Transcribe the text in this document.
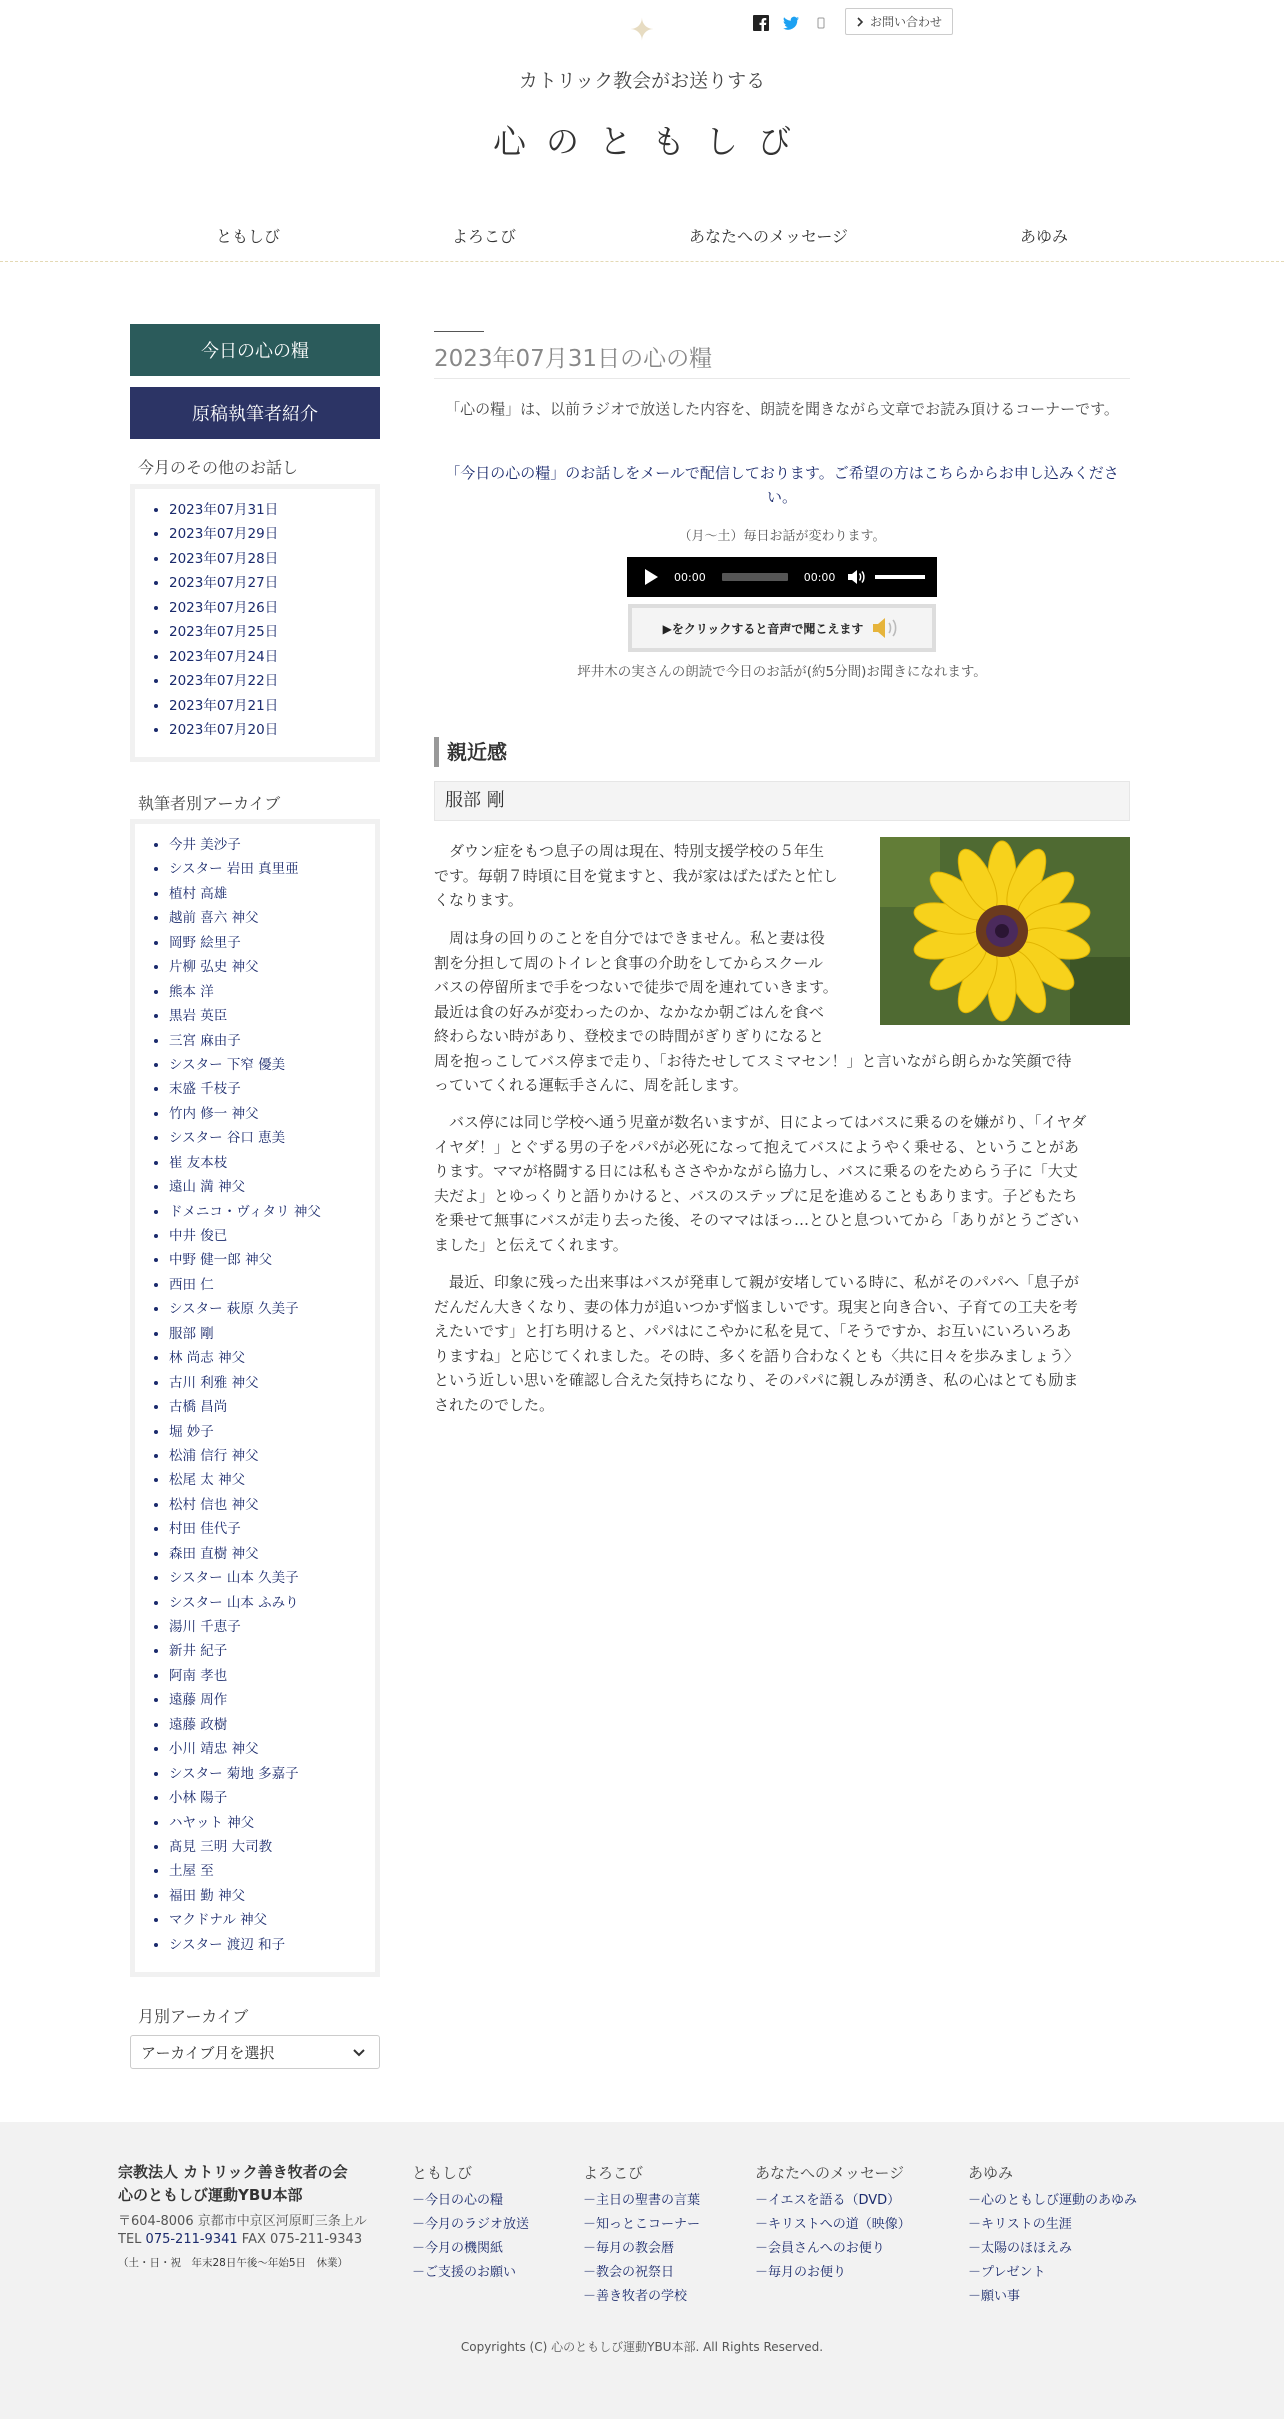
✦	お問い合わせ
カトリック教会がお送りする
心のともしび
ともしび	よろこび	あなたへのメッセージ	あゆみ
今日の心の糧
原稿執筆者紹介
今月のその他のお話し
• 2023年07月31日
• 2023年07月29日
• 2023年07月28日
• 2023年07月27日
• 2023年07月26日
• 2023年07月25日
• 2023年07月24日
• 2023年07月22日
• 2023年07月21日
• 2023年07月20日
執筆者別アーカイブ
• 今井 美沙子
• シスター 岩田 真里亜
• 植村 高雄
• 越前 喜六 神父
• 岡野 絵里子
• 片柳 弘史 神父
• 熊本 洋
• 黒岩 英臣
• 三宮 麻由子
• シスター 下窄 優美
• 末盛 千枝子
• 竹内 修一 神父
• シスター 谷口 恵美
• 崔 友本枝
• 遠山 満 神父
• ドメニコ・ヴィタリ 神父
• 中井 俊已
• 中野 健一郎 神父
• 西田 仁
• シスター 萩原 久美子
• 服部 剛
• 林 尚志 神父
• 古川 利雅 神父
• 古橋 昌尚
• 堀 妙子
• 松浦 信行 神父
• 松尾 太 神父
• 松村 信也 神父
• 村田 佳代子
• 森田 直樹 神父
• シスター 山本 久美子
• シスター 山本 ふみり
• 湯川 千恵子
• 新井 紀子
• 阿南 孝也
• 遠藤 周作
• 遠藤 政樹
• 小川 靖忠 神父
• シスター 菊地 多嘉子
• 小林 陽子
• ハヤット 神父
• 髙見 三明 大司教
• 土屋 至
• 福田 勤 神父
• マクドナル 神父
• シスター 渡辺 和子
月別アーカイブ
アーカイブ月を選択
2023年07月31日の心の糧
「心の糧」は、以前ラジオで放送した内容を、朗読を聞きながら文章でお読み頂けるコーナーです。
「今日の心の糧」のお話しをメールで配信しております。ご希望の方はこちらからお申し込みください。
（月〜土）毎日お話が変わります。
00:00	00:00
▶をクリックすると音声で聞こえます
坪井木の実さんの朗読で今日のお話が(約5分間)お聞きになれます。
親近感
服部 剛

ダウン症をもつ息子の周は現在、特別支援学校の５年生
です。毎朝７時頃に目を覚ますと、我が家はばたばたと忙し
くなります。

周は身の回りのことを自分ではできません。私と妻は役
割を分担して周のトイレと食事の介助をしてからスクール
バスの停留所まで手をつないで徒歩で周を連れていきます。
最近は食の好みが変わったのか、なかなか朝ごはんを食べ
終わらない時があり、登校までの時間がぎりぎりになると
周を抱っこしてバス停まで走り、「お待たせしてスミマセン！」と言いながら朗らかな笑顔で待
っていてくれる運転手さんに、周を託します。

バス停には同じ学校へ通う児童が数名いますが、日によってはバスに乗るのを嫌がり、「イヤダ
イヤダ！」とぐずる男の子をパパが必死になって抱えてバスにようやく乗せる、ということがあ
ります。ママが格闘する日には私もささやかながら協力し、バスに乗るのをためらう子に「大丈
夫だよ」とゆっくりと語りかけると、バスのステップに足を進めることもあります。子どもたち
を乗せて無事にバスが走り去った後、そのママはほっ…とひと息ついてから「ありがとうござい
ました」と伝えてくれます。

最近、印象に残った出来事はバスが発車して親が安堵している時に、私がそのパパへ「息子が
だんだん大きくなり、妻の体力が追いつかず悩ましいです。現実と向き合い、子育ての工夫を考
えたいです」と打ち明けると、パパはにこやかに私を見て、「そうですか、お互いにいろいろあ
りますね」と応じてくれました。その時、多くを語り合わなくとも〈共に日々を歩みましょう〉
という近しい思いを確認し合えた気持ちになり、そのパパに親しみが湧き、私の心はとても励ま
されたのでした。

宗教法人 カトリック善き牧者の会
心のともしび運動YBU本部
〒604-8006 京都市中京区河原町三条上ル
TEL 075-211-9341 FAX 075-211-9343
（土・日・祝　年末28日午後〜年始5日　休業）
ともしび
－今日の心の糧
－今月のラジオ放送
－今月の機関紙
－ご支援のお願い
よろこび
－主日の聖書の言葉
－知っとこコーナー
－毎月の教会暦
－教会の祝祭日
－善き牧者の学校
あなたへのメッセージ
－イエスを語る（DVD）
－キリストへの道（映像）
－会員さんへのお便り
－毎月のお便り
あゆみ
－心のともしび運動のあゆみ
－キリストの生涯
－太陽のほほえみ
－プレゼント
－願い事
Copyrights (C) 心のともしび運動YBU本部. All Rights Reserved.
